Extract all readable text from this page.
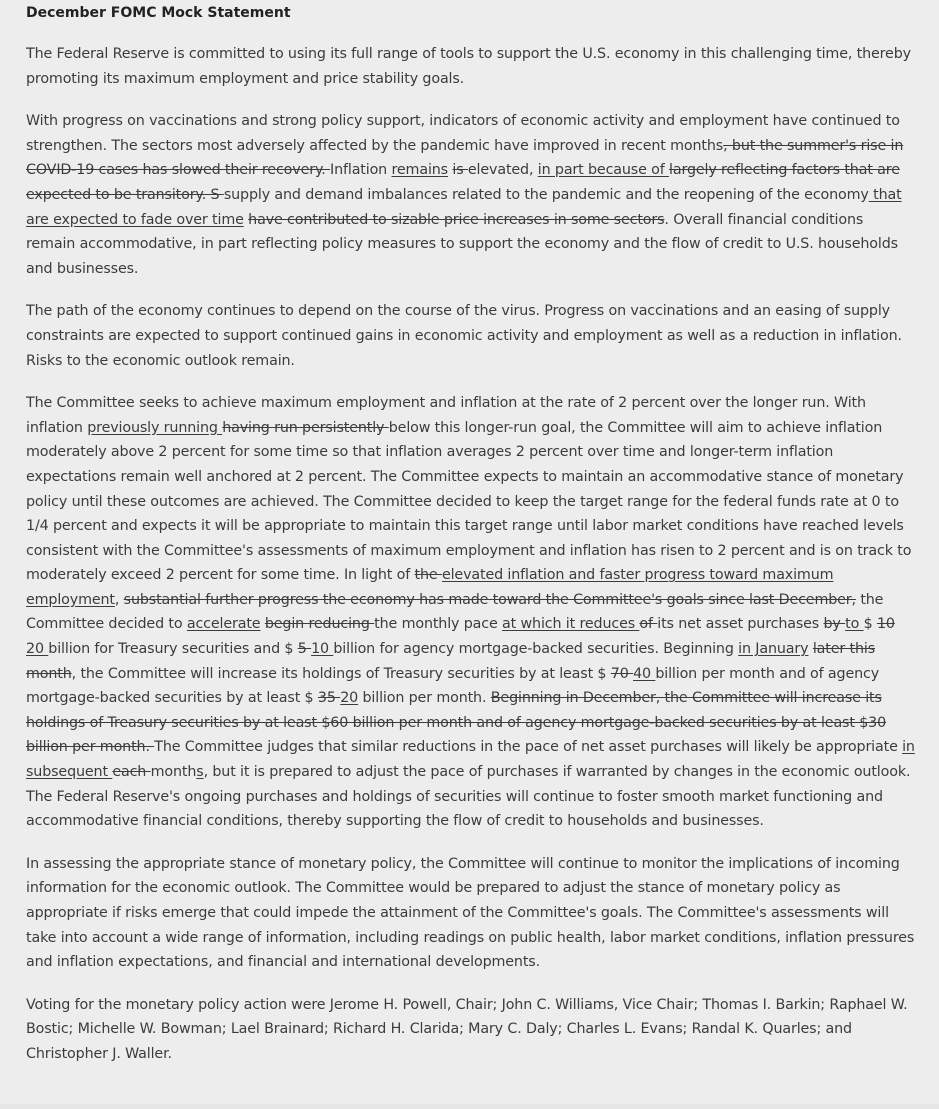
December FOMC Mock Statement

The Federal Reserve is committed to using its full range of tools to support the U.S. economy in this challenging time, thereby promoting its maximum employment and price stability goals.

With progress on vaccinations and strong policy support, indicators of economic activity and employment have continued to strengthen. The sectors most adversely affected by the pandemic have improved in recent months, but the summer's rise in COVID-19 cases has slowed their recovery. Inflation remains is elevated, in part because of largely reflecting factors that are expected to be transitory. S supply and demand imbalances related to the pandemic and the reopening of the economy that are expected to fade over time have contributed to sizable price increases in some sectors. Overall financial conditions remain accommodative, in part reflecting policy measures to support the economy and the flow of credit to U.S. households and businesses.

The path of the economy continues to depend on the course of the virus. Progress on vaccinations and an easing of supply constraints are expected to support continued gains in economic activity and employment as well as a reduction in inflation. Risks to the economic outlook remain.

The Committee seeks to achieve maximum employment and inflation at the rate of 2 percent over the longer run. With inflation previously running having run persistently below this longer-run goal, the Committee will aim to achieve inflation moderately above 2 percent for some time so that inflation averages 2 percent over time and longer-term inflation expectations remain well anchored at 2 percent. The Committee expects to maintain an accommodative stance of monetary policy until these outcomes are achieved. The Committee decided to keep the target range for the federal funds rate at 0 to 1/4 percent and expects it will be appropriate to maintain this target range until labor market conditions have reached levels consistent with the Committee's assessments of maximum employment and inflation has risen to 2 percent and is on track to moderately exceed 2 percent for some time. In light of the elevated inflation and faster progress toward maximum employment, substantial further progress the economy has made toward the Committee's goals since last December, the Committee decided to accelerate begin reducing the monthly pace at which it reduces of its net asset purchases by to $ 10 20 billion for Treasury securities and $ 5 10 billion for agency mortgage-backed securities. Beginning in January later this month, the Committee will increase its holdings of Treasury securities by at least $ 70 40 billion per month and of agency mortgage-backed securities by at least $ 35 20 billion per month. Beginning in December, the Committee will increase its holdings of Treasury securities by at least $60 billion per month and of agency mortgage-backed securities by at least $30 billion per month. The Committee judges that similar reductions in the pace of net asset purchases will likely be appropriate in subsequent each months, but it is prepared to adjust the pace of purchases if warranted by changes in the economic outlook. The Federal Reserve's ongoing purchases and holdings of securities will continue to foster smooth market functioning and accommodative financial conditions, thereby supporting the flow of credit to households and businesses.

In assessing the appropriate stance of monetary policy, the Committee will continue to monitor the implications of incoming information for the economic outlook. The Committee would be prepared to adjust the stance of monetary policy as appropriate if risks emerge that could impede the attainment of the Committee's goals. The Committee's assessments will take into account a wide range of information, including readings on public health, labor market conditions, inflation pressures and inflation expectations, and financial and international developments.

Voting for the monetary policy action were Jerome H. Powell, Chair; John C. Williams, Vice Chair; Thomas I. Barkin; Raphael W. Bostic; Michelle W. Bowman; Lael Brainard; Richard H. Clarida; Mary C. Daly; Charles L. Evans; Randal K. Quarles; and Christopher J. Waller.
